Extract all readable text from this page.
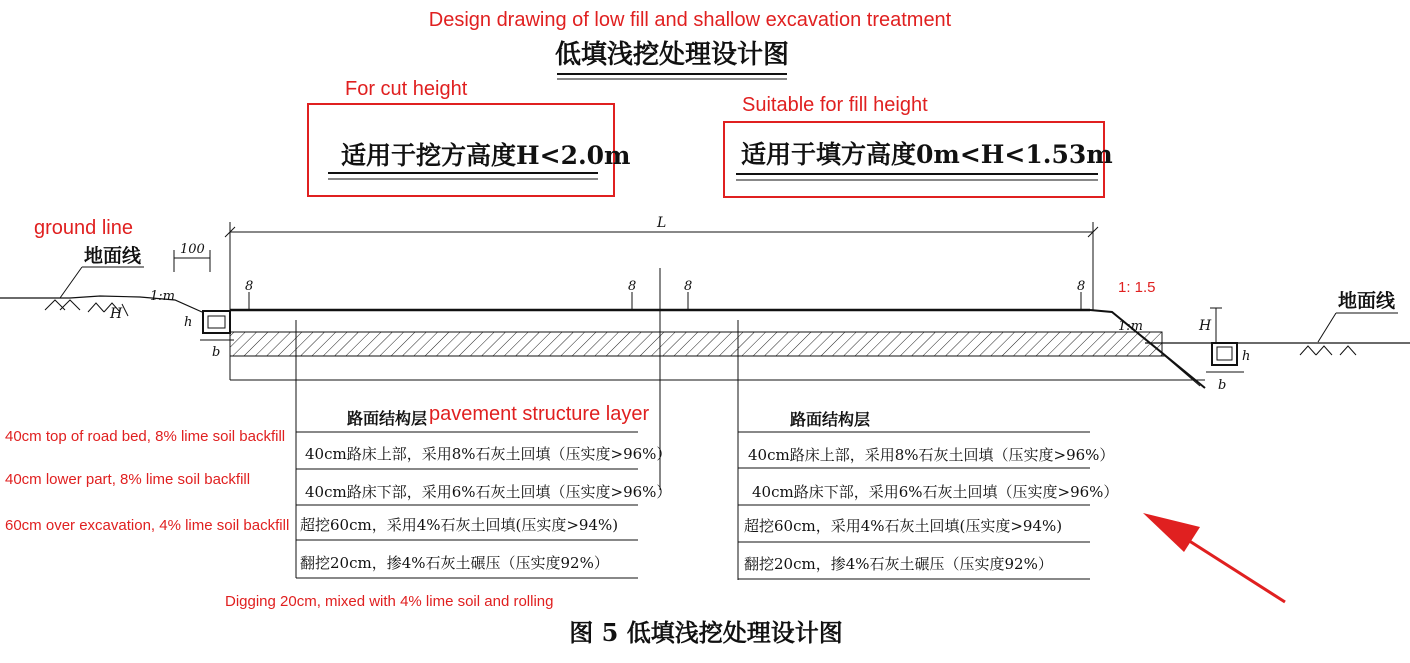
Design drawing of low fill and shallow excavation treatment
低填浅挖处理设计图
For cut height
适用于挖方高度H<2.0m
Suitable for fill height
适用于填方高度0m<H<1.53m
ground line
地面线
地面线
100
L
H
1:m
h
b	h
H
b
1:m
1: 1.5
8	8	8	8
pavement structure layer
路面结构层
40cm路床上部，采用8%石灰土回填（压实度>96%）
40cm路床下部，采用6%石灰土回填（压实度>96%）
超挖60cm，采用4%石灰土回填(压实度>94%)
翻挖20cm，掺4%石灰土碾压（压实度92%）
路面结构层
40cm路床上部，采用8%石灰土回填（压实度>96%）
40cm路床下部，采用6%石灰土回填（压实度>96%）
超挖60cm，采用4%石灰土回填(压实度>94%)
翻挖20cm，掺4%石灰土碾压（压实度92%）
40cm top of road bed, 8% lime soil backfill
40cm lower part, 8% lime soil backfill
60cm over excavation, 4% lime soil backfill
Digging 20cm, mixed with 4% lime soil and rolling
图 5 低填浅挖处理设计图
